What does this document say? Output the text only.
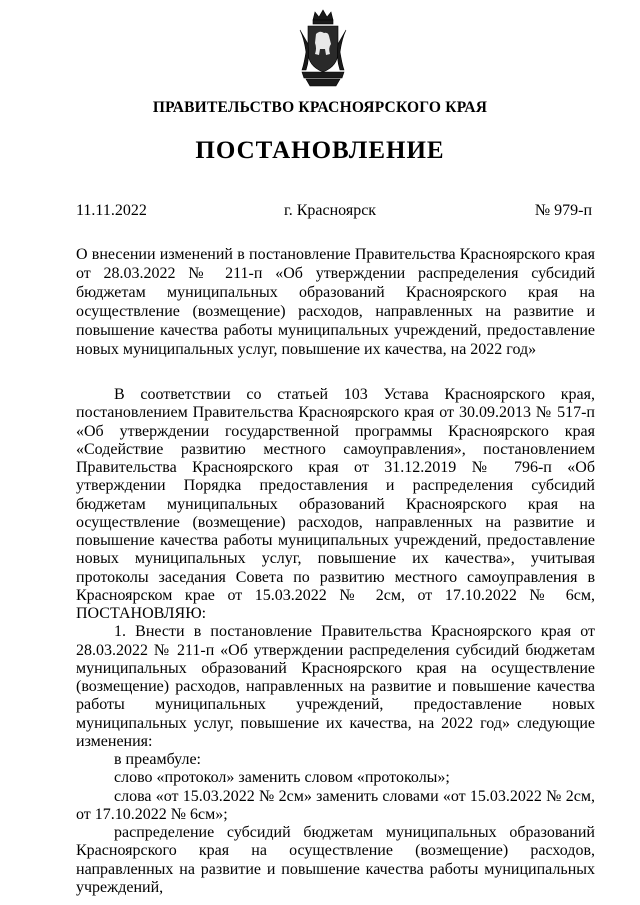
ПРАВИТЕЛЬСТВО КРАСНОЯРСКОГО КРАЯ
ПОСТАНОВЛЕНИЕ
11.11.2022	г. Красноярск	№ 979-п
О внесении изменений в постановление Правительства Красноярского края от 28.03.2022 № 211-п «Об утверждении распределения субсидий бюджетам муниципальных образований Красноярского края на осуществление (возмещение) расходов, направленных на развитие и повышение качества работы муниципальных учреждений, предоставление новых муниципальных услуг, повышение их качества, на 2022 год»

В соответствии со статьей 103 Устава Красноярского края, постановлением Правительства Красноярского края от 30.09.2013 № 517-п «Об утверждении государственной программы Красноярского края «Содействие развитию местного самоуправления», постановлением Правительства Красноярского края от 31.12.2019 № 796-п «Об утверждении Порядка предоставления и распределения субсидий бюджетам муниципальных образований Красноярского края на осуществление (возмещение) расходов, направленных на развитие и повышение качества работы муниципальных учреждений, предоставление новых муниципальных услуг, повышение их качества», учитывая протоколы заседания Совета по развитию местного самоуправления в Красноярском крае от 15.03.2022 № 2см, от 17.10.2022 № 6см, ПОСТАНОВЛЯЮ:

1. Внести в постановление Правительства Красноярского края от 28.03.2022 № 211-п «Об утверждении распределения субсидий бюджетам муниципальных образований Красноярского края на осуществление (возмещение) расходов, направленных на развитие и повышение качества работы муниципальных учреждений, предоставление новых муниципальных услуг, повышение их качества, на 2022 год» следующие изменения:

в преамбуле:

слово «протокол» заменить словом «протоколы»;

слова «от 15.03.2022 № 2см» заменить словами «от 15.03.2022 № 2см, от 17.10.2022 № 6см»;

распределение субсидий бюджетам муниципальных образований Красноярского края на осуществление (возмещение) расходов, направленных на развитие и повышение качества работы муниципальных учреждений,
